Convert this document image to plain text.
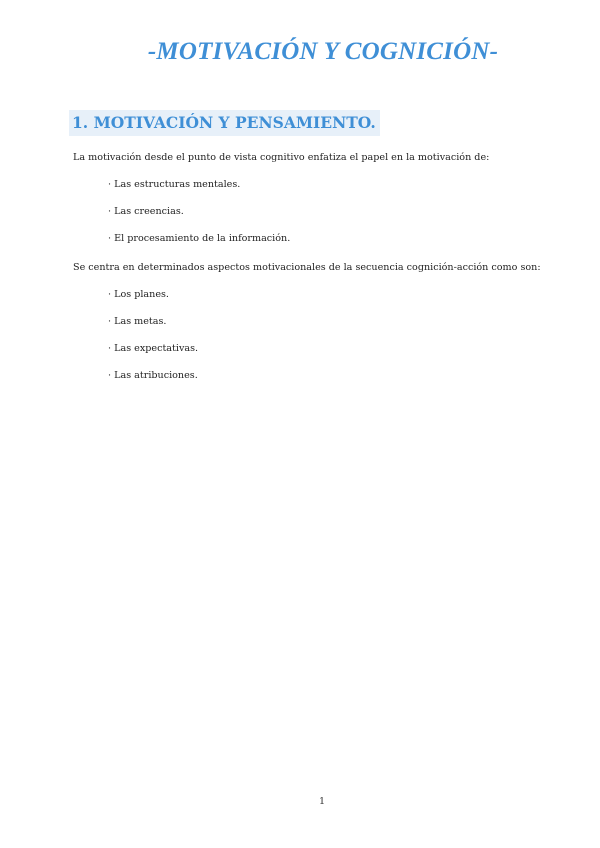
-MOTIVACIÓN Y COGNICIÓN-
1. MOTIVACIÓN Y PENSAMIENTO.

La motivación desde el punto de vista cognitivo enfatiza el papel en la motivación de:

· Las estructuras mentales.

· Las creencias.

· El procesamiento de la información.

Se centra en determinados aspectos motivacionales de la secuencia cognición-acción como son:

· Los planes.

· Las metas.

· Las expectativas.

· Las atribuciones.

1
